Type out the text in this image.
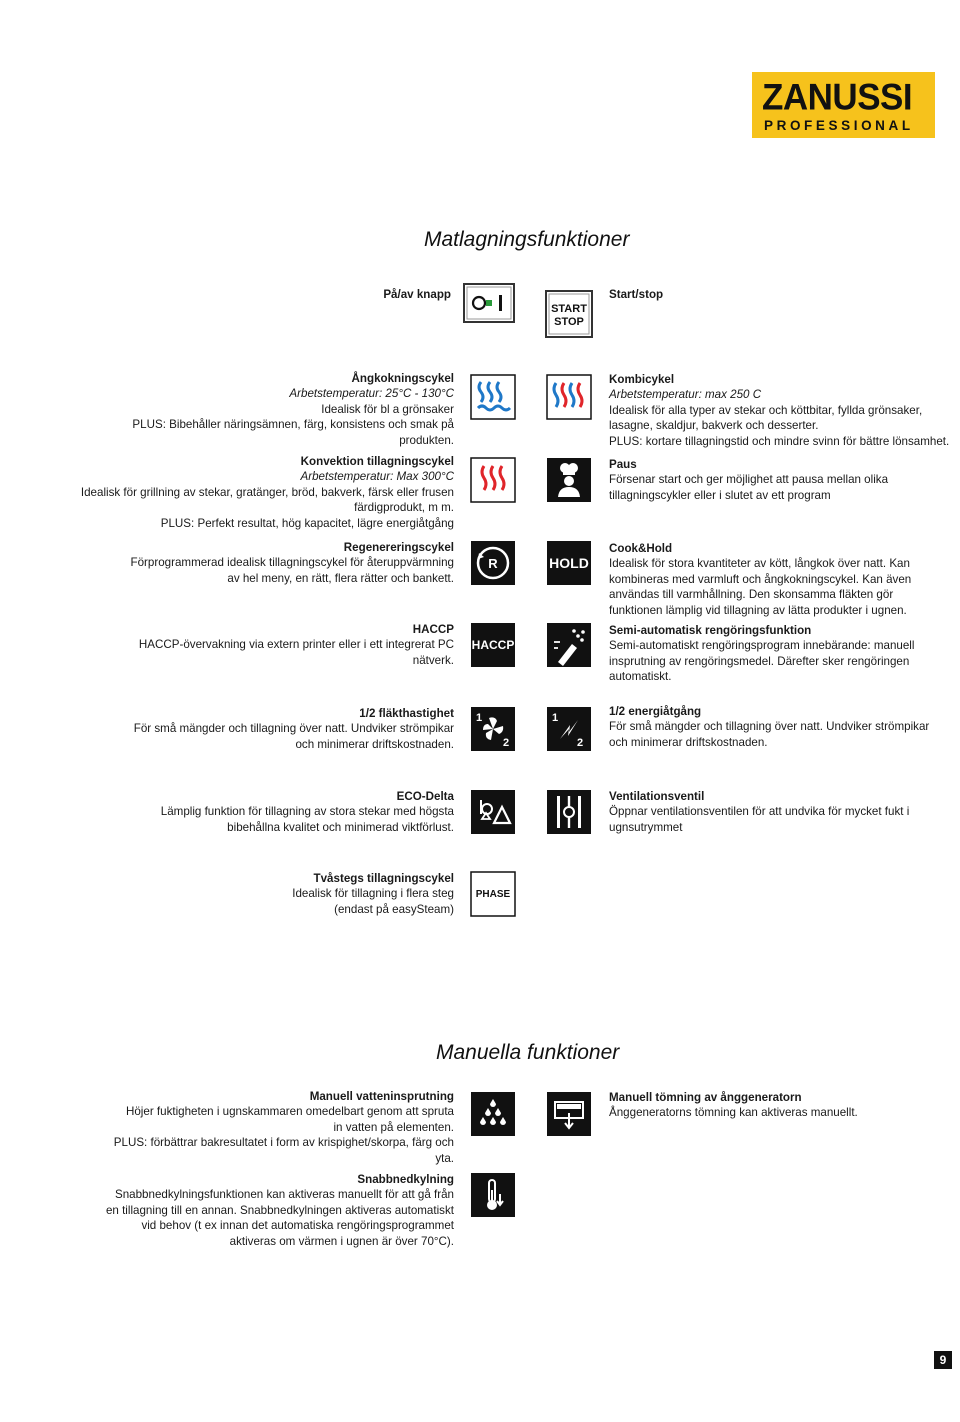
ZANUSSI
PROFESSIONAL
Matlagningsfunktioner
Manuella funktioner
På/av knapp
START
STOP
Start/stop

Ångkokningscykel

Arbetstemperatur: 25°C - 130°C

Idealisk för bl a grönsaker

PLUS: Bibehåller näringsämnen, färg, konsistens och smak på

produkten.

Konvektion tillagningscykel

Arbetstemperatur: Max 300°C

Idealisk för grillning av stekar, gratänger, bröd, bakverk, färsk eller frusen

färdigprodukt, m m.

PLUS: Perfekt resultat, hög kapacitet, lägre energiåtgång

Regenereringscykel

Förprogrammerad idealisk tillagningscykel för återuppvärmning

av hel meny, en rätt, flera rätter och bankett.

HACCP

HACCP-övervakning via extern printer eller i ett integrerat PC

nätverk.

1/2 fläkthastighet

För små mängder och tillagning över natt. Undviker strömpikar

och minimerar driftskostnaden.

ECO-Delta

Lämplig funktion för tillagning av stora stekar med högsta

bibehållna kvalitet och minimerad viktförlust.

Tvåstegs tillagningscykel

Idealisk för tillagning i flera steg

(endast på easySteam)

R
HACCP
1
2
PHASE
HOLD
1
2

Kombicykel

Arbetstemperatur: max 250 C

Idealisk för alla typer av stekar och köttbitar, fyllda grönsaker,

lasagne, skaldjur, bakverk och desserter.

PLUS: kortare tillagningstid och mindre svinn för bättre lönsamhet.

Paus

Försenar start och ger möjlighet att pausa mellan olika

tillagningscykler eller i slutet av ett program

Cook&Hold

Idealisk för stora kvantiteter av kött, långkok över natt. Kan

kombineras med varmluft och ångkokningscykel. Kan även

användas till varmhållning. Den skonsamma fläkten gör

funktionen lämplig vid tillagning av lätta produkter i ugnen.

Semi-automatisk rengöringsfunktion

Semi-automatiskt rengöringsprogram innebärande: manuell

insprutning av rengöringsmedel. Därefter sker rengöringen

automatiskt.

1/2 energiåtgång

För små mängder och tillagning över natt. Undviker strömpikar

och minimerar driftskostnaden.

Ventilationsventil

Öppnar ventilationsventilen för att undvika för mycket fukt i

ugnsutrymmet

Manuell vatteninsprutning

Höjer fuktigheten i ugnskammaren omedelbart genom att spruta

in vatten på elementen.

PLUS: förbättrar bakresultatet i form av krispighet/skorpa, färg och

yta.

Snabbnedkylning

Snabbnedkylningsfunktionen kan aktiveras manuellt för att gå från

en tillagning till en annan. Snabbnedkylningen aktiveras automatiskt

vid behov (t ex innan det automatiska rengöringsprogrammet

aktiveras om värmen i ugnen är över 70°C).

Manuell tömning av ånggeneratorn

Ånggeneratorns tömning kan aktiveras manuellt.

9
